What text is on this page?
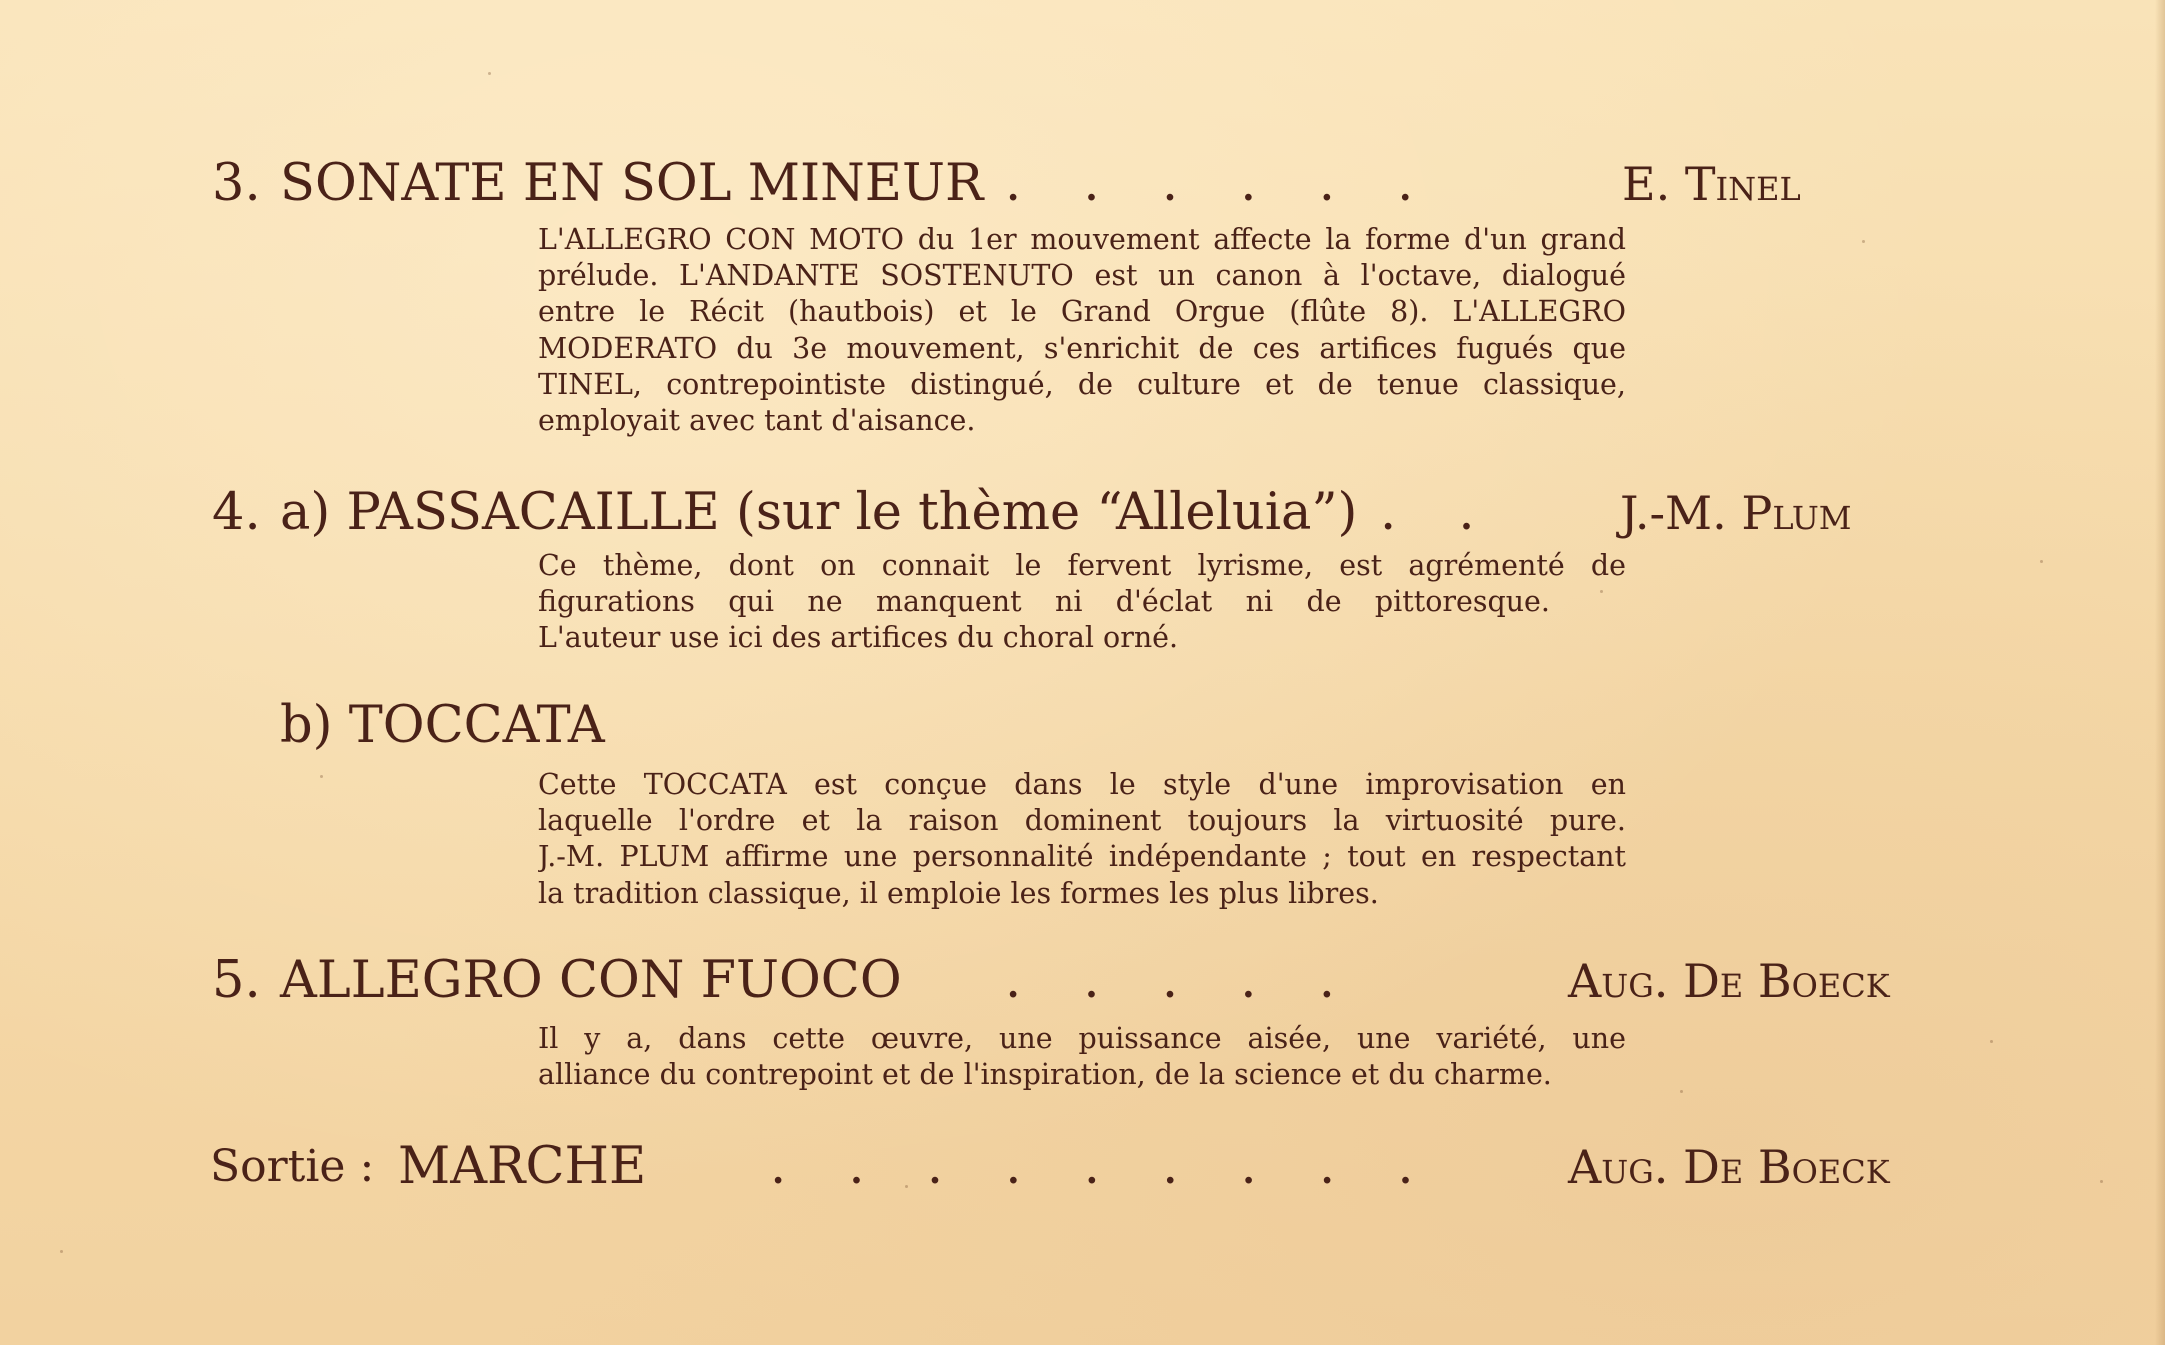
3. SONATE EN SOL MINEUR . . . . . .	E. Tinel
L'ALLEGRO CON MOTO du 1er mouvement affecte la forme d'un grand
prélude. L'ANDANTE SOSTENUTO est un canon à l'octave, dialogué
entre le Récit (hautbois) et le Grand Orgue (flûte 8). L'ALLEGRO
MODERATO du 3e mouvement, s'enrichit de ces artifices fugués que
TINEL, contrepointiste distingué, de culture et de tenue classique,
employait avec tant d'aisance.
4. a) PASSACAILLE (sur le thème “Alleluia”) . .	J.-M. Plum
Ce thème, dont on connait le fervent lyrisme, est agrémenté de
figurations qui ne manquent ni d'éclat ni de pittoresque.
L'auteur use ici des artifices du choral orné.
b) TOCCATA
Cette TOCCATA est conçue dans le style d'une improvisation en
laquelle l'ordre et la raison dominent toujours la virtuosité pure.
J.-M. PLUM affirme une personnalité indépendante ; tout en respectant
la tradition classique, il emploie les formes les plus libres.
5. ALLEGRO CON FUOCO . . . . .	Aug. De Boeck
Il y a, dans cette œuvre, une puissance aisée, une variété, une
alliance du contrepoint et de l'inspiration, de la science et du charme.
Sortie : MARCHE . . . . . . . . .	Aug. De Boeck
